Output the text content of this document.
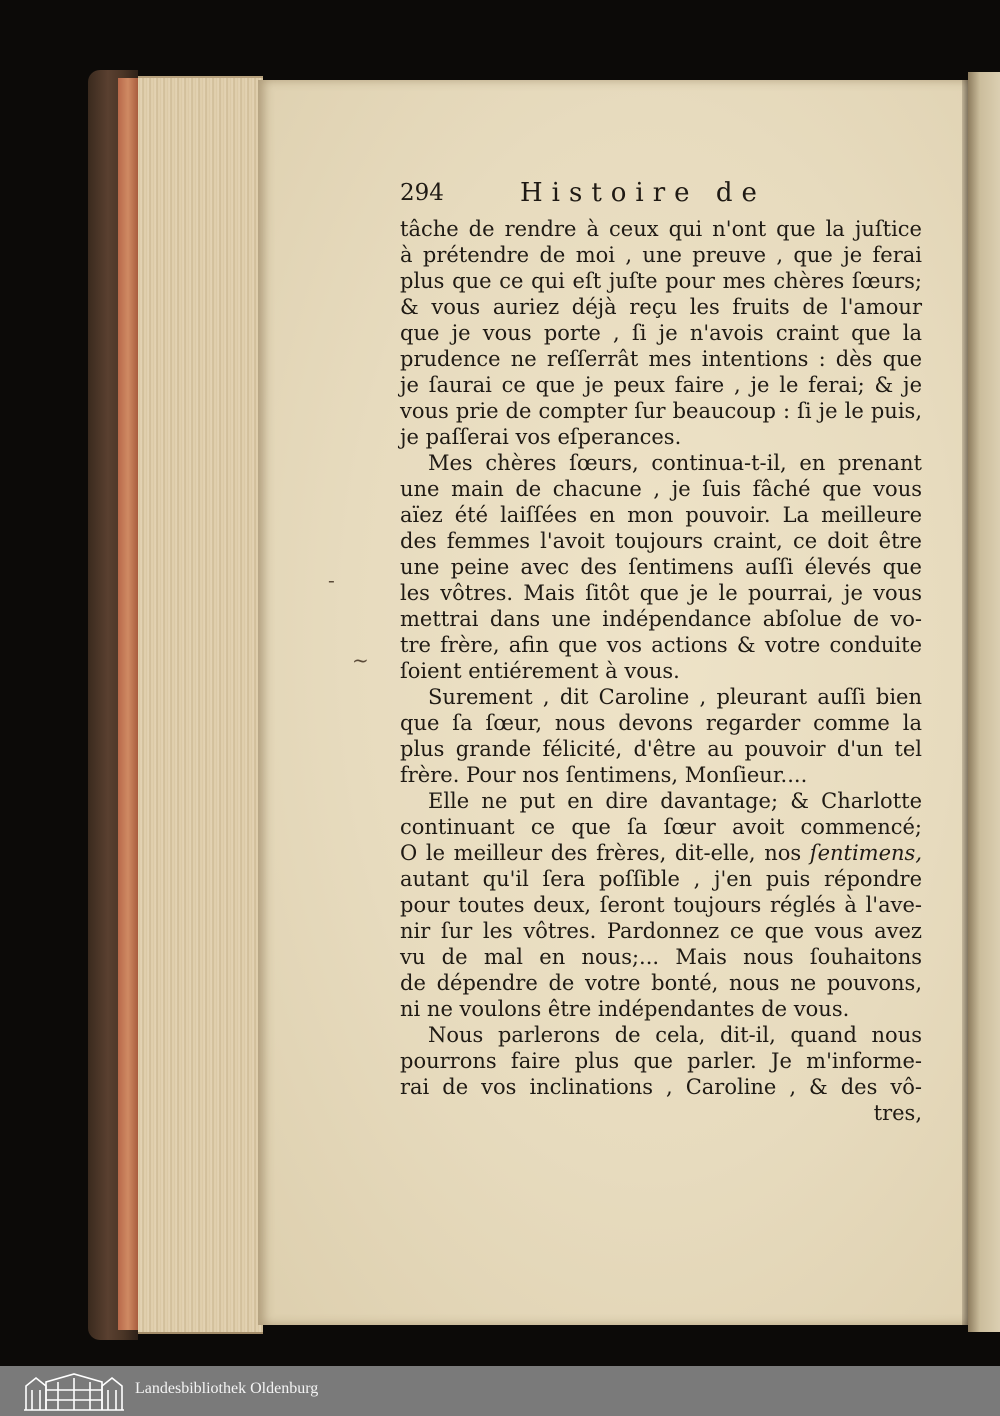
-
~
294	Histoire de
tâche de rendre à ceux qui n'ont que la juſtice
à prétendre de moi , une preuve , que je ferai
plus que ce qui eſt juſte pour mes chères ſœurs;
& vous auriez déjà reçu les fruits de l'amour
que je vous porte , ſi je n'avois craint que la
prudence ne reſſerrât mes intentions : dès que
je ſaurai ce que je peux faire , je le ferai; & je
vous prie de compter ſur beaucoup : ſi je le puis,
je paſſerai vos eſperances.
Mes chères ſœurs, continua-t-il, en prenant
une main de chacune , je ſuis fâché que vous
aïez été laiſſées en mon pouvoir. La meilleure
des femmes l'avoit toujours craint, ce doit être
une peine avec des ſentimens auſſi élevés que
les vôtres. Mais ſitôt que je le pourrai, je vous
mettrai dans une indépendance abſolue de vo-
tre frère, afin que vos actions & votre conduite
ſoient entiérement à vous.
Surement , dit Caroline , pleurant auſſi bien
que ſa ſœur, nous devons regarder comme la
plus grande félicité, d'être au pouvoir d'un tel
frère. Pour nos ſentimens, Monſieur....
Elle ne put en dire davantage; & Charlotte
continuant ce que ſa ſœur avoit commencé;
O le meilleur des frères, dit-elle, nos ſentimens,
autant qu'il ſera poſſible , j'en puis répondre
pour toutes deux, ſeront toujours réglés à l'ave-
nir ſur les vôtres. Pardonnez ce que vous avez
vu de mal en nous;... Mais nous ſouhaitons
de dépendre de votre bonté, nous ne pouvons,
ni ne voulons être indépendantes de vous.
Nous parlerons de cela, dit-il, quand nous
pourrons faire plus que parler. Je m'informe-
rai de vos inclinations , Caroline , & des vô-
tres,
Landesbibliothek Oldenburg
